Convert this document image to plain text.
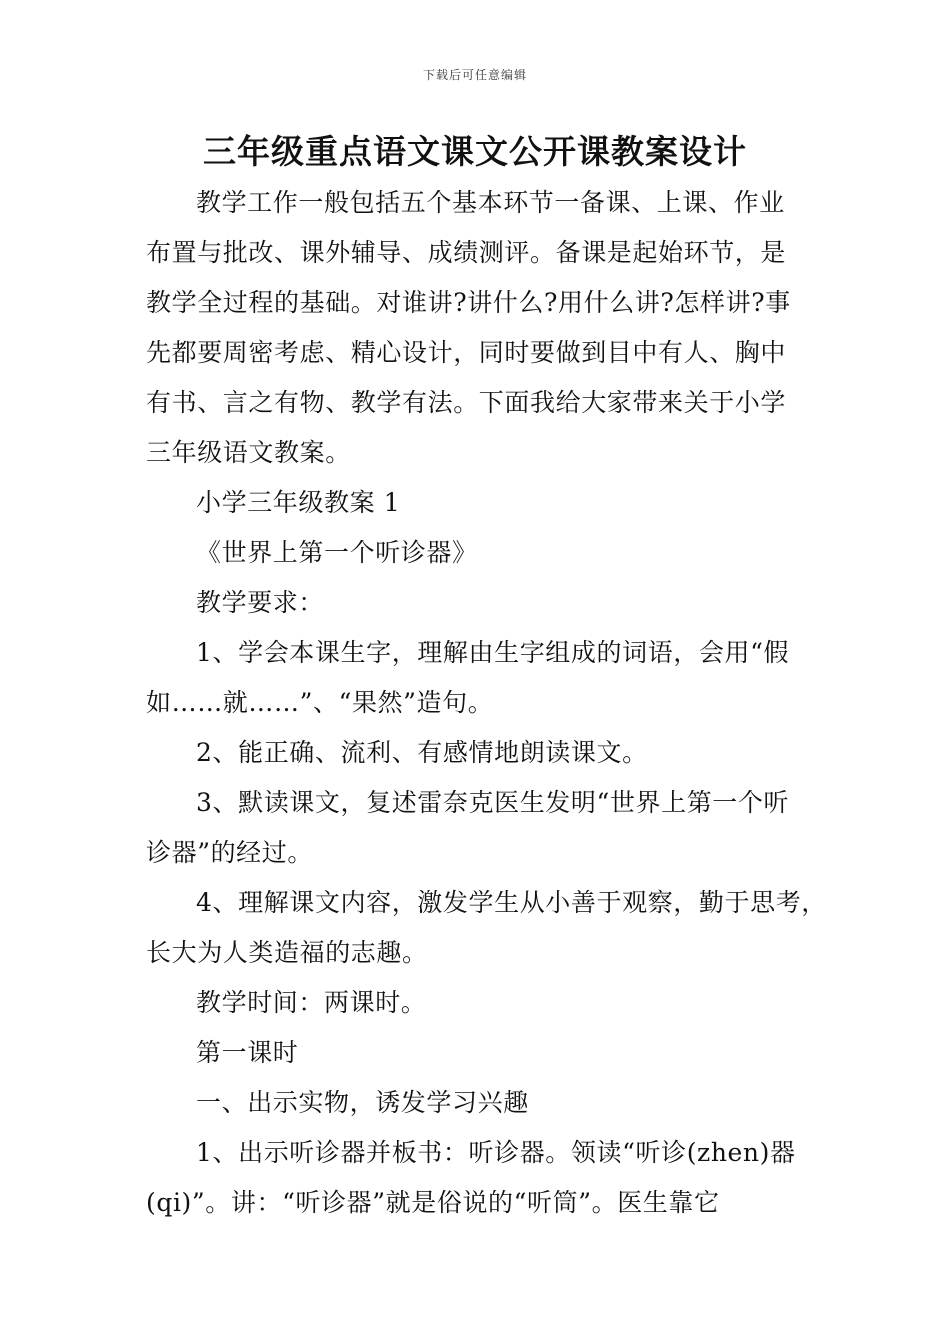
下载后可任意编辑
三年级重点语文课文公开课教案设计
教学工作一般包括五个基本环节一备课、上课、作业
布置与批改、课外辅导、成绩测评。备课是起始环节，是
教学全过程的基础。对谁讲?讲什么?用什么讲?怎样讲?事
先都要周密考虑、精心设计，同时要做到目中有人、胸中
有书、言之有物、教学有法。下面我给大家带来关于小学
三年级语文教案。
小学三年级教案 1
《世界上第一个听诊器》
教学要求：
1、学会本课生字，理解由生字组成的词语，会用“假
如……就……”、“果然”造句。
2、能正确、流利、有感情地朗读课文。
3、默读课文，复述雷奈克医生发明“世界上第一个听
诊器”的经过。
4、理解课文内容，激发学生从小善于观察，勤于思考，
长大为人类造福的志趣。
教学时间：两课时。
第一课时
一、出示实物，诱发学习兴趣
1、出示听诊器并板书：听诊器。领读“听诊(zhen)器
(qi)”。讲：“听诊器”就是俗说的“听筒”。医生靠它
